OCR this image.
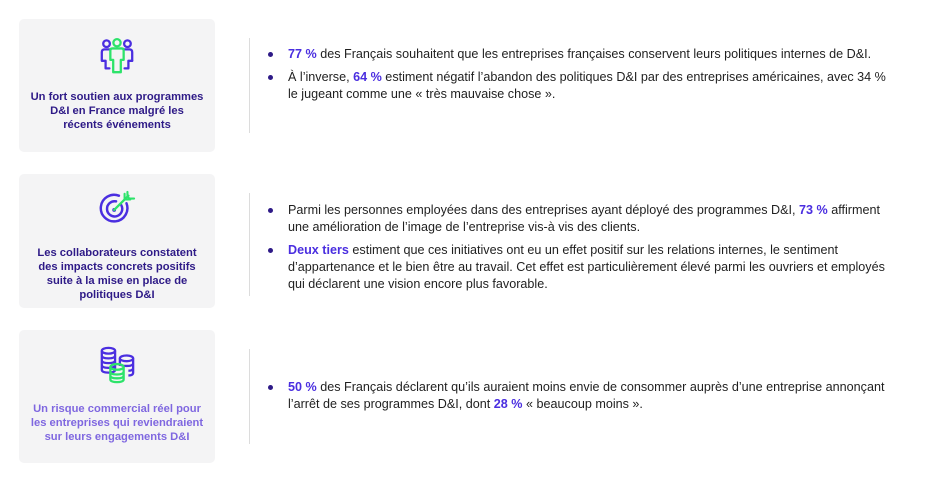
Un fort soutien aux programmes D&I en France malgré les récents événements
77 % des Français souhaitent que les entreprises françaises conservent leurs politiques internes de D&I.
À l’inverse, 64 % estiment négatif l’abandon des politiques D&I par des entreprises américaines, avec 34 % le jugeant comme une « très mauvaise chose ».
Les collaborateurs constatent des impacts concrets positifs suite à la mise en place de politiques D&I
Parmi les personnes employées dans des entreprises ayant déployé des programmes D&I, 73 % affirment une amélioration de l’image de l’entreprise vis-à vis des clients.
Deux tiers estiment que ces initiatives ont eu un effet positif sur les relations internes, le sentiment d’appartenance et le bien être au travail. Cet effet est particulièrement élevé parmi les ouvriers et employés qui déclarent une vision encore plus favorable.
Un risque commercial réel pour les entreprises qui reviendraient sur leurs engagements D&I
50 % des Français déclarent qu’ils auraient moins envie de consommer auprès d’une entreprise annonçant l’arrêt de ses programmes D&I, dont 28 % « beaucoup moins ».
